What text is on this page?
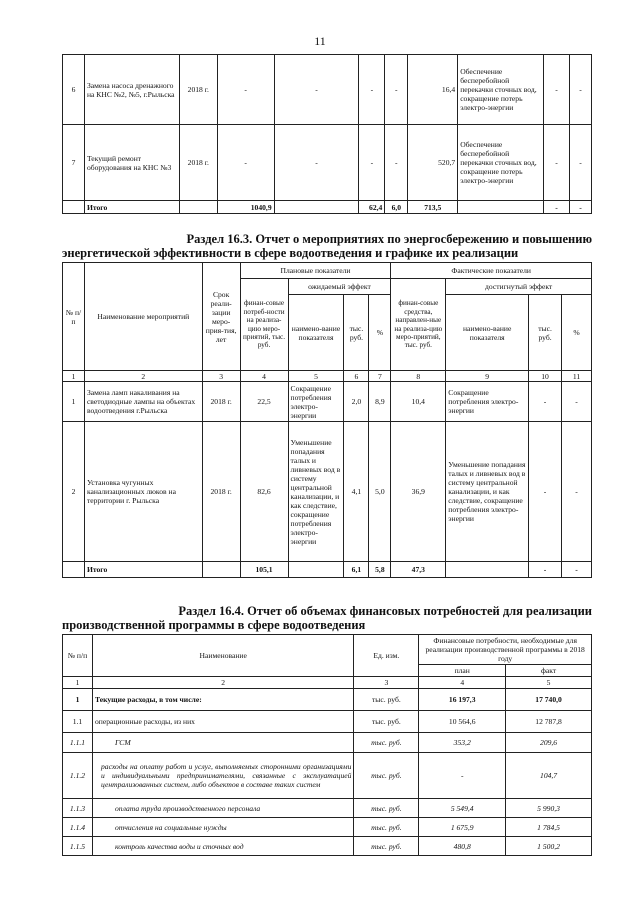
11
6	Замена насоса дренажного на КНС №2, №5, г.Рыльска	2018 г.	-	-	-	-	16,4	Обеспечение бесперебойной перекачки сточных вод, сокращение потерь электро-энергии	-	-
7	Текущий ремонт оборудования на КНС №3	2018 г.	-	-	-	-	520,7	Обеспечение бесперебойной перекачки сточных вод, сокращение потерь электро-энергии	-	-
	Итого		1040,9		62,4	6,0	713,5		-	-
Раздел 16.3. Отчет о мероприятиях по энергосбережению и повышению
энергетической эффективности в сфере водоотведения и графике их реализации
№ п/п	Наименование мероприятий	Срок реали-зации меро-прия-тия, лет	Плановые показатели				Фактические показатели			
			финан-совые потреб-ности на реализа-цию меро-приятий, тыс. руб.	ожидаемый эффект			финан-совые средства, направлен-ные на реализа-цию меро-приятий, тыс. руб.	достигнутый эффект		
				наимено-вание показателя	тыс. руб.	%		наимено-вание показателя	тыс. руб.	%
1	2	3	4	5	6	7	8	9	10	11
1	Замена ламп накаливания на светодиодные лампы на объектах водоотведения г.Рыльска	2018 г.	22,5	Сокращение потребления электро-энергии	2,0	8,9	10,4	Сокращение потребления электро-энергии	-	-
2	Установка чугунных канализационных люков на территории г. Рыльска	2018 г.	82,6	Уменьшение попадания талых и ливневых вод в систему центральной канализации, и как следствие, сокращение потребления электро-энергии	4,1	5,0	36,9	Уменьшение попадания талых и ливневых вод в систему центральной канализации, и как следствие, сокращение потребления электро-энергии	-	-
	Итого		105,1		6,1	5,8	47,3		-	-
Раздел 16.4. Отчет об объемах финансовых потребностей для реализации
производственной программы в сфере водоотведения
№ п/п	Наименование	Ед. изм.	Финансовые потребности, необходимые для реализации производственной программы в 2018 году	
			план	факт
1	2	3	4	5
1	Текущие расходы, в том числе:	тыс. руб.	16 197,3	17 740,0
1.1	операционные расходы, из них	тыс. руб.	10 564,6	12 787,8
1.1.1	ГСМ	тыс. руб.	353,2	209,6
1.1.2	расходы на оплату работ и услуг, выполняемых сторонними организациями и индивидуальными предпринимателями, связанные с эксплуатацией централизованных систем, либо объектов в составе таких систем	тыс. руб.	-	104,7
1.1.3	оплата труда производственного персонала	тыс. руб.	5 549,4	5 990,3
1.1.4	отчисления на социальные нужды	тыс. руб.	1 675,9	1 784,5
1.1.5	контроль качества воды и сточных вод	тыс. руб.	480,8	1 500,2
